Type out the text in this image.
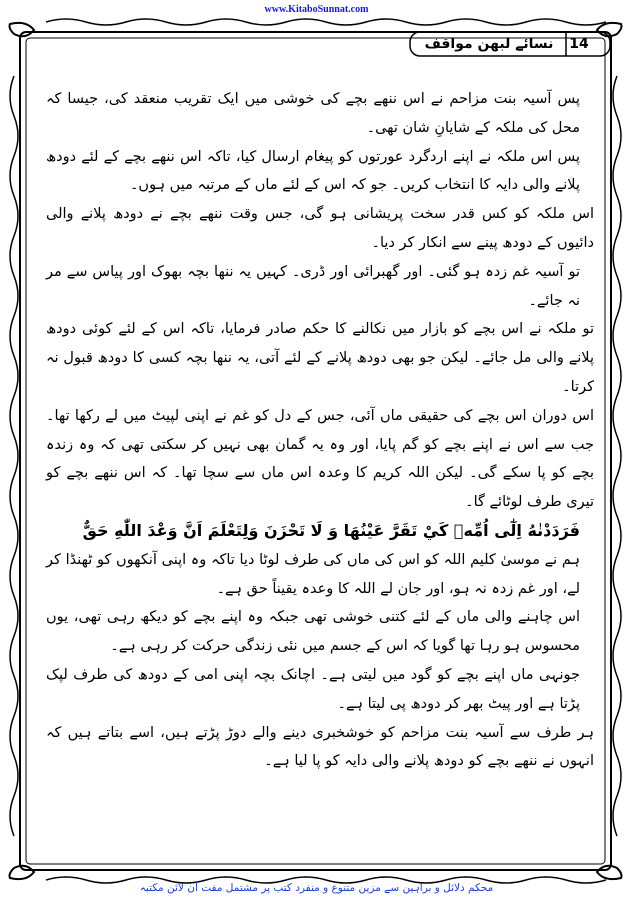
www.KitaboSunnat.com
نسائے لبھن مواقف	14

پس آسیہ بنت مزاحم نے اس ننھے بچے کی خوشی میں ایک تقریب منعقد کی، جیسا کہ محل کی ملکہ کے شایانِ شان تھی۔

پس اس ملکہ نے اپنے اردگرد عورتوں کو پیغام ارسال کیا، تاکہ اس ننھے بچے کے لئے دودھ پلانے والی دایہ کا انتخاب کریں۔ جو کہ اس کے لئے ماں کے مرتبہ میں ہوں۔

اس ملکہ کو کس قدر سخت پریشانی ہو گی، جس وقت ننھے بچے نے دودھ پلانے والی دائیوں کے دودھ پینے سے انکار کر دیا۔

تو آسیہ غم زدہ ہو گئی۔ اور گھبرائی اور ڈری۔ کہیں یہ ننھا بچہ بھوک اور پیاس سے مر نہ جائے۔

تو ملکہ نے اس بچے کو بازار میں نکالنے کا حکم صادر فرمایا، تاکہ اس کے لئے کوئی دودھ پلانے والی مل جائے۔ لیکن جو بھی دودھ پلانے کے لئے آتی، یہ ننھا بچہ کسی کا دودھ قبول نہ کرتا۔

اس دوران اس بچے کی حقیقی ماں آئی، جس کے دل کو غم نے اپنی لپیٹ میں لے رکھا تھا۔ جب سے اس نے اپنے بچے کو گم پایا، اور وہ یہ گمان بھی نہیں کر سکتی تھی کہ وہ زندہ بچے کو پا سکے گی۔ لیکن اللہ کریم کا وعدہ اس ماں سے سچا تھا۔ کہ اس ننھے بچے کو تیری طرف لوٹائے گا۔

فَرَدَدْنٰهُ اِلٰٓى اُمِّهٖ كَيْ تَقَرَّ عَيْنُهَا وَ لَا تَحْزَنَ وَلِتَعْلَمَ اَنَّ وَعْدَ اللّٰهِ حَقٌّ

ہم نے موسیٰ کلیم اللہ کو اس کی ماں کی طرف لوٹا دیا تاکہ وہ اپنی آنکھوں کو ٹھنڈا کر لے، اور غم زدہ نہ ہو، اور جان لے اللہ کا وعدہ یقیناً حق ہے۔

اس چاہنے والی ماں کے لئے کتنی خوشی تھی جبکہ وہ اپنے بچے کو دیکھ رہی تھی، یوں محسوس ہو رہا تھا گویا کہ اس کے جسم میں نئی زندگی حرکت کر رہی ہے۔

جونہی ماں اپنے بچے کو گود میں لیتی ہے۔ اچانک بچہ اپنی امی کے دودھ کی طرف لپک پڑتا ہے اور پیٹ بھر کر دودھ پی لیتا ہے۔

ہر طرف سے آسیہ بنت مزاحم کو خوشخبری دینے والے دوڑ پڑتے ہیں، اسے بتاتے ہیں کہ انہوں نے ننھے بچے کو دودھ پلانے والی دایہ کو پا لیا ہے۔

محکم دلائل و براہین سے مزین متنوع و منفرد کتب پر مشتمل مفت آن لائن مکتبہ
